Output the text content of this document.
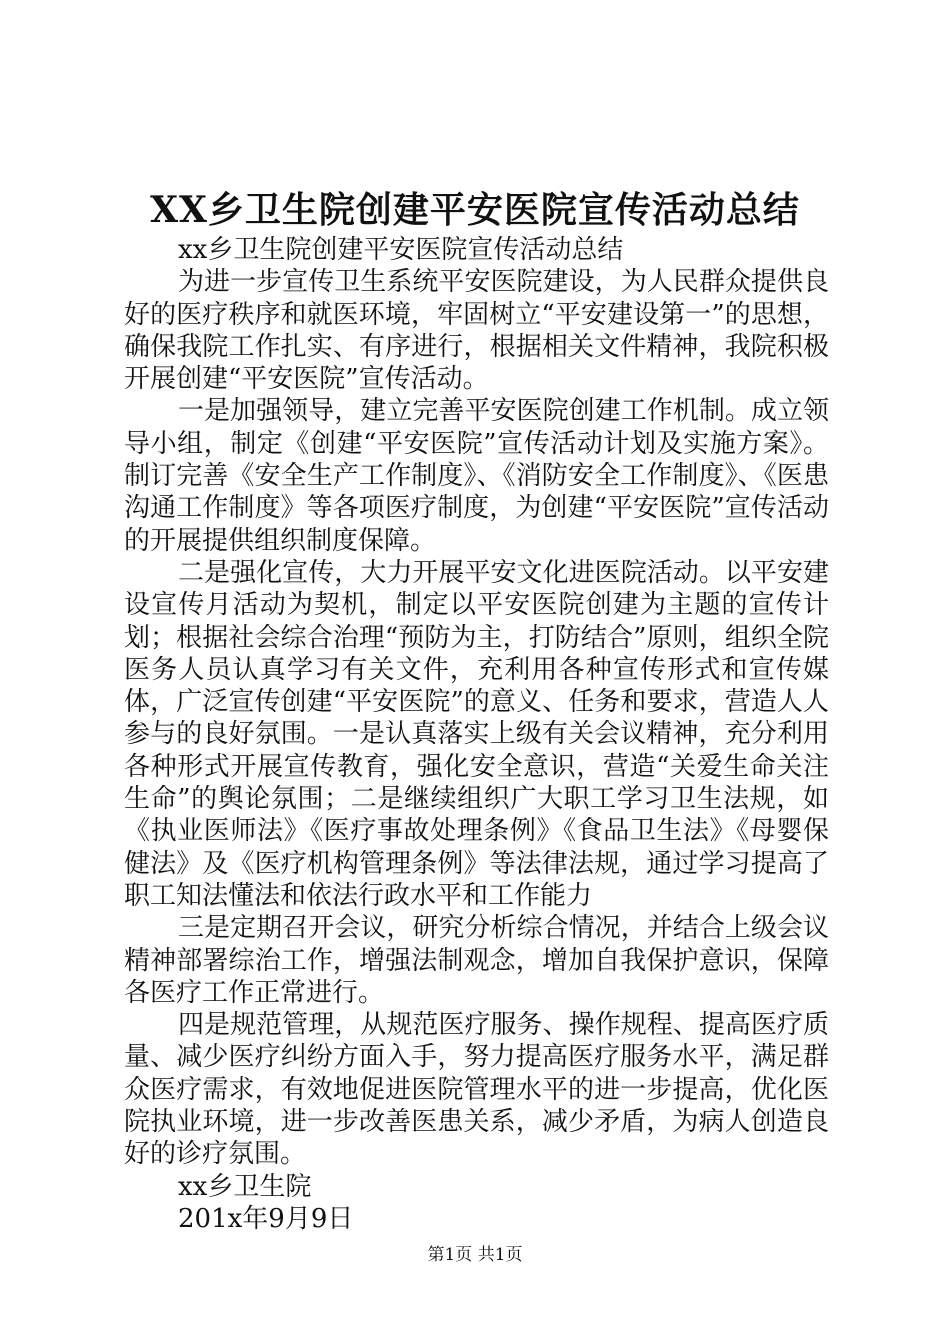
XX乡卫生院创建平安医院宣传活动总结

xx乡卫生院创建平安医院宣传活动总结

为进一步宣传卫生系统平安医院建设，为人民群众提供良好的医疗秩序和就医环境，牢固树立“平安建设第一”的思想，确保我院工作扎实、有序进行，根据相关文件精神，我院积极开展创建“平安医院”宣传活动。

一是加强领导，建立完善平安医院创建工作机制。成立领导小组，制定《创建“平安医院”宣传活动计划及实施方案》。制订完善《安全生产工作制度》、《消防安全工作制度》、《医患沟通工作制度》等各项医疗制度，为创建“平安医院”宣传活动的开展提供组织制度保障。

二是强化宣传，大力开展平安文化进医院活动。以平安建设宣传月活动为契机，制定以平安医院创建为主题的宣传计划；根据社会综合治理“预防为主，打防结合”原则，组织全院医务人员认真学习有关文件，充利用各种宣传形式和宣传媒体，广泛宣传创建“平安医院”的意义、任务和要求，营造人人参与的良好氛围。一是认真落实上级有关会议精神，充分利用各种形式开展宣传教育，强化安全意识，营造“关爱生命关注生命”的舆论氛围；二是继续组织广大职工学习卫生法规，如《执业医师法》《医疗事故处理条例》《食品卫生法》《母婴保健法》及《医疗机构管理条例》等法律法规，通过学习提高了职工知法懂法和依法行政水平和工作能力

三是定期召开会议，研究分析综合情况，并结合上级会议精神部署综治工作，增强法制观念，增加自我保护意识，保障各医疗工作正常进行。

四是规范管理，从规范医疗服务、操作规程、提高医疗质量、减少医疗纠纷方面入手，努力提高医疗服务水平，满足群众医疗需求，有效地促进医院管理水平的进一步提高，优化医院执业环境，进一步改善医患关系，减少矛盾，为病人创造良好的诊疗氛围。

xx乡卫生院

201x年9月9日

第1页 共1页
